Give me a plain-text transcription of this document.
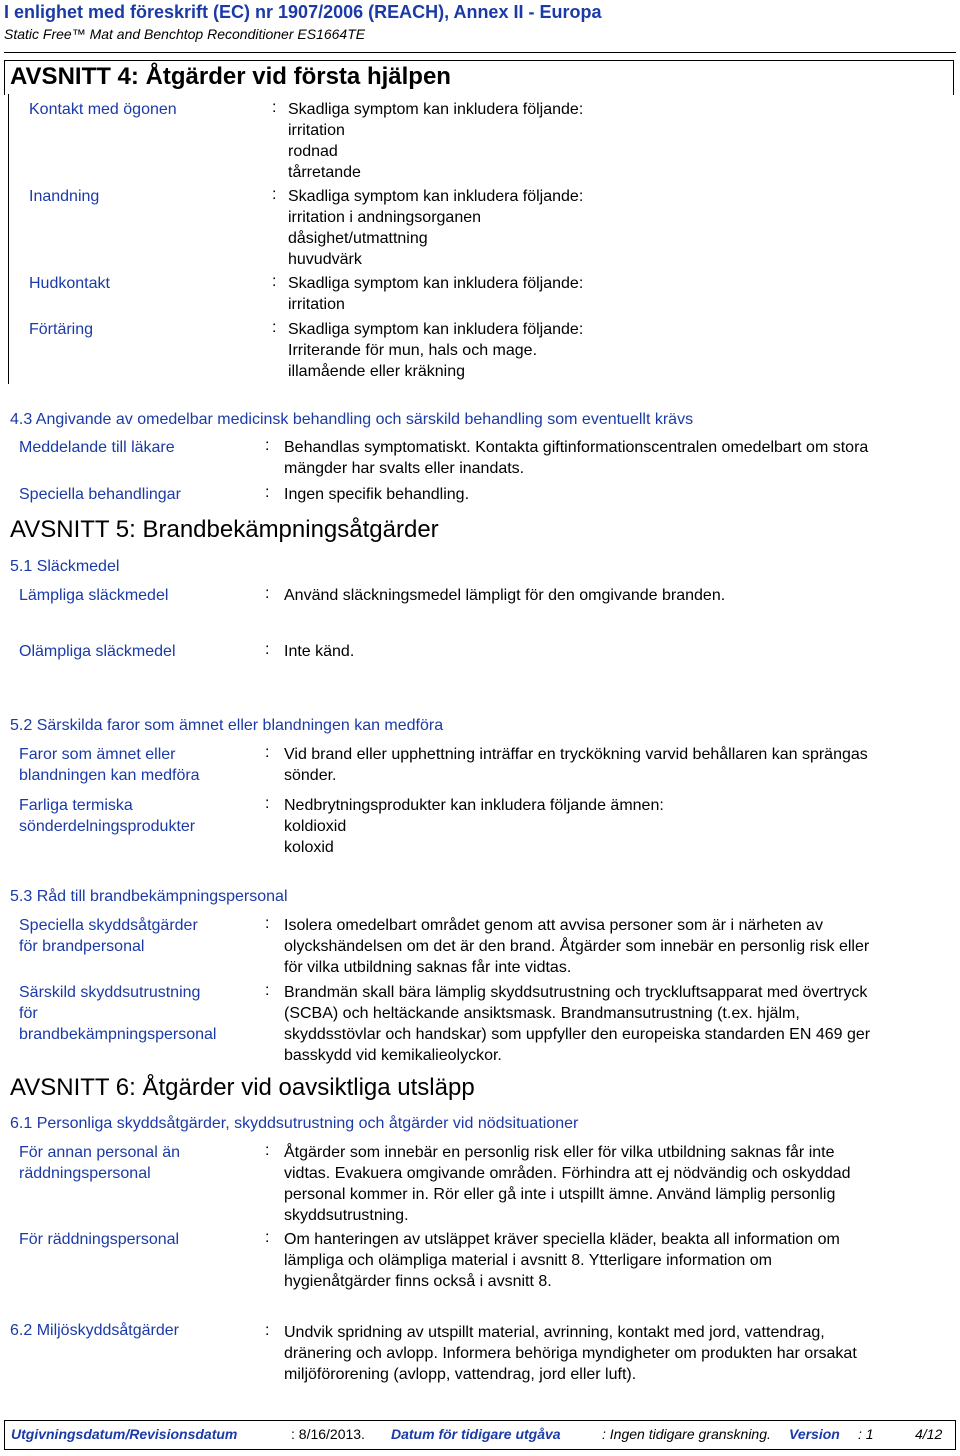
I enlighet med föreskrift (EC) nr 1907/2006 (REACH), Annex II - Europa
Static Free™ Mat and Benchtop Reconditioner ES1664TE
AVSNITT 4: Åtgärder vid första hjälpen
Kontakt med ögonen	: Skadliga symptom kan inkludera följande:
irritation
rodnad
tårretande
Inandning	: Skadliga symptom kan inkludera följande:
irritation i andningsorganen
dåsighet/utmattning
huvudvärk
Hudkontakt	: Skadliga symptom kan inkludera följande:
irritation
Förtäring	: Skadliga symptom kan inkludera följande:
Irriterande för mun, hals och mage.
illamående eller kräkning
4.3 Angivande av omedelbar medicinsk behandling och särskild behandling som eventuellt krävs
Meddelande till läkare	: Behandlas symptomatiskt. Kontakta giftinformationscentralen omedelbart om stora
mängder har svalts eller inandats.
Speciella behandlingar	: Ingen specifik behandling.
AVSNITT 5: Brandbekämpningsåtgärder
5.1 Släckmedel
Lämpliga släckmedel	: Använd släckningsmedel lämpligt för den omgivande branden.
Olämpliga släckmedel	: Inte känd.
5.2 Särskilda faror som ämnet eller blandningen kan medföra
Faror som ämnet eller
blandningen kan medföra
: Vid brand eller upphettning inträffar en tryckökning varvid behållaren kan sprängas
sönder.
Farliga termiska
sönderdelningsprodukter
: Nedbrytningsprodukter kan inkludera följande ämnen:
koldioxid
koloxid
5.3 Råd till brandbekämpningspersonal
Speciella skyddsåtgärder
för brandpersonal
: Isolera omedelbart området genom att avvisa personer som är i närheten av
olyckshändelsen om det är den brand. Åtgärder som innebär en personlig risk eller
för vilka utbildning saknas får inte vidtas.
Särskild skyddsutrustning
för
brandbekämpningspersonal
: Brandmän skall bära lämplig skyddsutrustning och tryckluftsapparat med övertryck
(SCBA) och heltäckande ansiktsmask. Brandmansutrustning (t.ex. hjälm,
skyddsstövlar och handskar) som uppfyller den europeiska standarden EN 469 ger
basskydd vid kemikalieolyckor.
AVSNITT 6: Åtgärder vid oavsiktliga utsläpp
6.1 Personliga skyddsåtgärder, skyddsutrustning och åtgärder vid nödsituationer
För annan personal än
räddningspersonal
: Åtgärder som innebär en personlig risk eller för vilka utbildning saknas får inte
vidtas. Evakuera omgivande områden. Förhindra att ej nödvändig och oskyddad
personal kommer in. Rör eller gå inte i utspillt ämne. Använd lämplig personlig
skyddsutrustning.
För räddningspersonal	: Om hanteringen av utsläppet kräver speciella kläder, beakta all information om
lämpliga och olämpliga material i avsnitt 8. Ytterligare information om
hygienåtgärder finns också i avsnitt 8.
6.2 Miljöskyddsåtgärder	: Undvik spridning av utspillt material, avrinning, kontakt med jord, vattendrag,
dränering och avlopp. Informera behöriga myndigheter om produkten har orsakat
miljöförorening (avlopp, vattendrag, jord eller luft).
Utgivningsdatum/Revisionsdatum	: 8/16/2013. Datum för tidigare utgåva	: Ingen tidigare granskning. Version : 1	4/12
